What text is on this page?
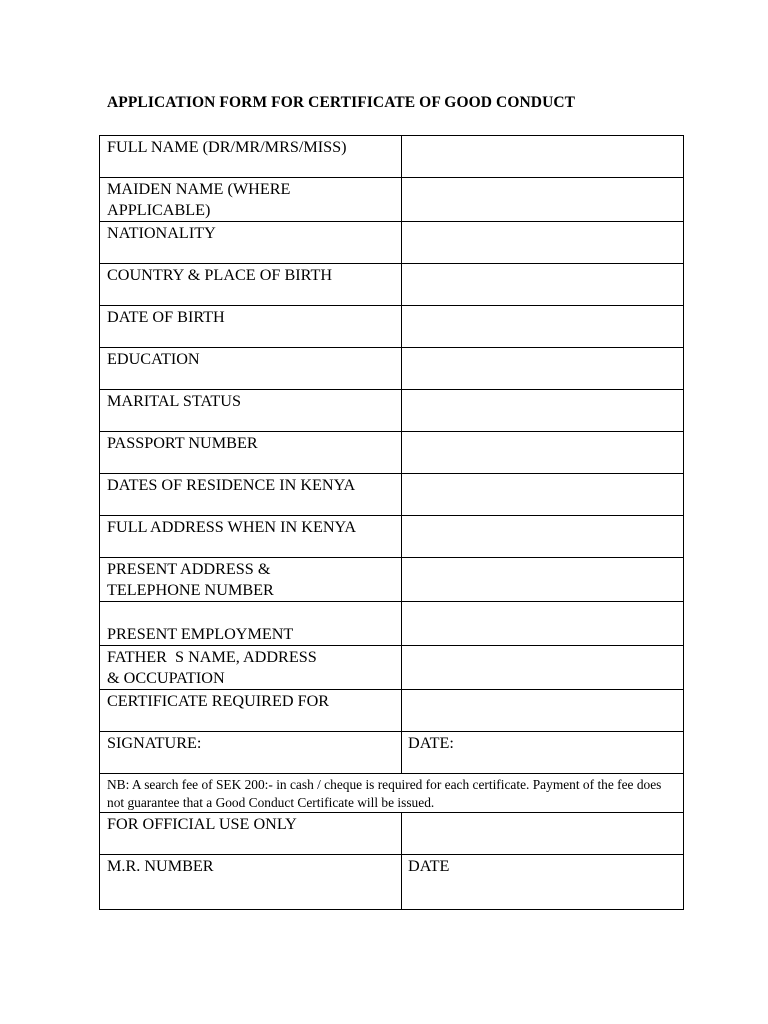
APPLICATION FORM FOR CERTIFICATE OF GOOD CONDUCT
FULL NAME (DR/MR/MRS/MISS)	

MAIDEN NAME (WHERE
APPLICABLE)	

NATIONALITY	

COUNTRY & PLACE OF BIRTH	

DATE OF BIRTH	

EDUCATION	

MARITAL STATUS	

PASSPORT NUMBER	

DATES OF RESIDENCE IN KENYA	

FULL ADDRESS WHEN IN KENYA	

PRESENT ADDRESS &
TELEPHONE NUMBER	

PRESENT EMPLOYMENT	

FATHER  S NAME, ADDRESS
& OCCUPATION	

CERTIFICATE REQUIRED FOR	

SIGNATURE:	DATE:

NB: A search fee of SEK 200:- in cash / cheque is required for each certificate. Payment of the fee does not guarantee that a Good Conduct Certificate will be issued.	

FOR OFFICIAL USE ONLY	

M.R. NUMBER	DATE
